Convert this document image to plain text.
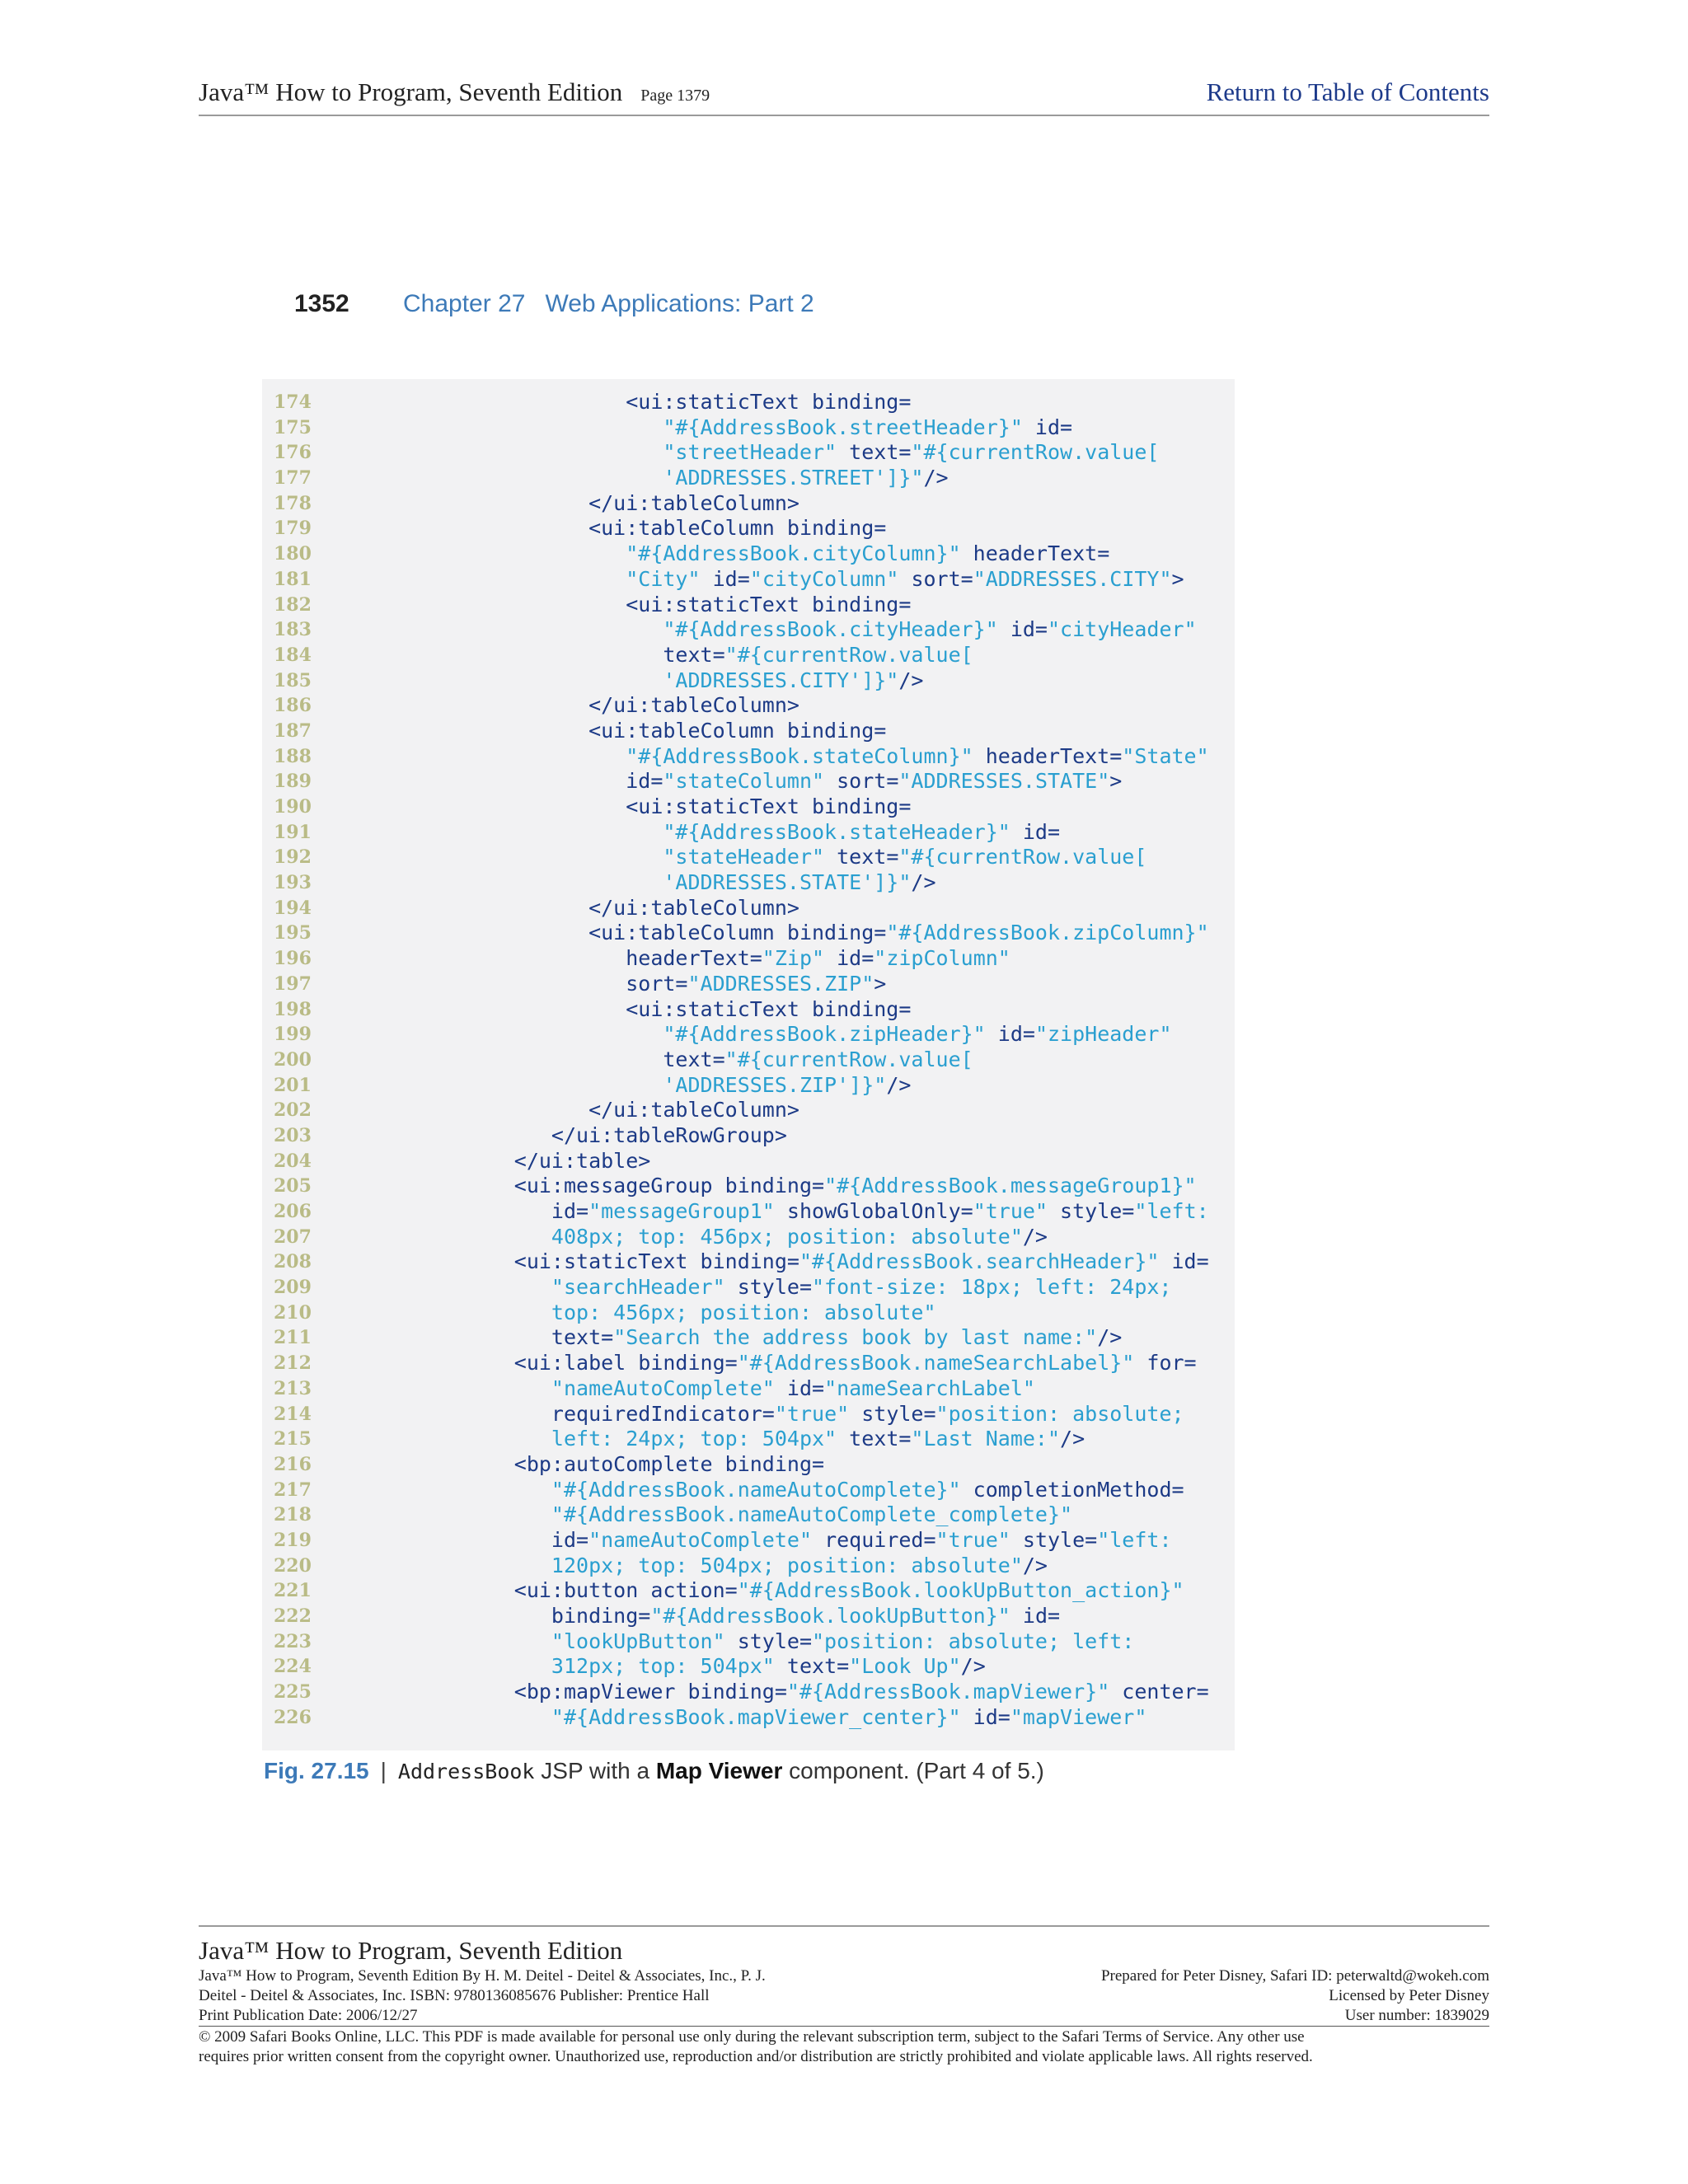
Java™ How to Program, Seventh Edition Page 1379	Return to Table of Contents
1352 Chapter 27 Web Applications: Part 2
174 <ui:staticText binding=
175 "#{AddressBook.streetHeader}" id=
176 "streetHeader" text="#{currentRow.value[
177 'ADDRESSES.STREET']}"/>
178 </ui:tableColumn>
179 <ui:tableColumn binding=
180 "#{AddressBook.cityColumn}" headerText=
181 "City" id="cityColumn" sort="ADDRESSES.CITY">
182 <ui:staticText binding=
183 "#{AddressBook.cityHeader}" id="cityHeader"
184 text="#{currentRow.value[
185 'ADDRESSES.CITY']}"/>
186 </ui:tableColumn>
187 <ui:tableColumn binding=
188 "#{AddressBook.stateColumn}" headerText="State"
189 id="stateColumn" sort="ADDRESSES.STATE">
190 <ui:staticText binding=
191 "#{AddressBook.stateHeader}" id=
192 "stateHeader" text="#{currentRow.value[
193 'ADDRESSES.STATE']}"/>
194 </ui:tableColumn>
195 <ui:tableColumn binding="#{AddressBook.zipColumn}"
196 headerText="Zip" id="zipColumn"
197 sort="ADDRESSES.ZIP">
198 <ui:staticText binding=
199 "#{AddressBook.zipHeader}" id="zipHeader"
200 text="#{currentRow.value[
201 'ADDRESSES.ZIP']}"/>
202 </ui:tableColumn>
203 </ui:tableRowGroup>
204 </ui:table>
205 <ui:messageGroup binding="#{AddressBook.messageGroup1}"
206 id="messageGroup1" showGlobalOnly="true" style="left:
207 408px; top: 456px; position: absolute"/>
208 <ui:staticText binding="#{AddressBook.searchHeader}" id=
209 "searchHeader" style="font-size: 18px; left: 24px;
210 top: 456px; position: absolute"
211 text="Search the address book by last name:"/>
212 <ui:label binding="#{AddressBook.nameSearchLabel}" for=
213 "nameAutoComplete" id="nameSearchLabel"
214 requiredIndicator="true" style="position: absolute;
215 left: 24px; top: 504px" text="Last Name:"/>
216 <bp:autoComplete binding=
217 "#{AddressBook.nameAutoComplete}" completionMethod=
218 "#{AddressBook.nameAutoComplete_complete}"
219 id="nameAutoComplete" required="true" style="left:
220 120px; top: 504px; position: absolute"/>
221 <ui:button action="#{AddressBook.lookUpButton_action}"
222 binding="#{AddressBook.lookUpButton}" id=
223 "lookUpButton" style="position: absolute; left:
224 312px; top: 504px" text="Look Up"/>
225 <bp:mapViewer binding="#{AddressBook.mapViewer}" center=
226 "#{AddressBook.mapViewer_center}" id="mapViewer"
Fig. 27.15 | AddressBook JSP with a Map Viewer component. (Part 4 of 5.)
Java™ How to Program, Seventh Edition
Java™ How to Program, Seventh Edition By H. M. Deitel - Deitel & Associates, Inc., P. J.
Deitel - Deitel & Associates, Inc. ISBN: 9780136085676 Publisher: Prentice Hall
Print Publication Date: 2006/12/27
Prepared for Peter Disney, Safari ID: peterwaltd@wokeh.com
Licensed by Peter Disney
User number: 1839029
© 2009 Safari Books Online, LLC. This PDF is made available for personal use only during the relevant subscription term, subject to the Safari Terms of Service. Any other use
requires prior written consent from the copyright owner. Unauthorized use, reproduction and/or distribution are strictly prohibited and violate applicable laws. All rights reserved.
